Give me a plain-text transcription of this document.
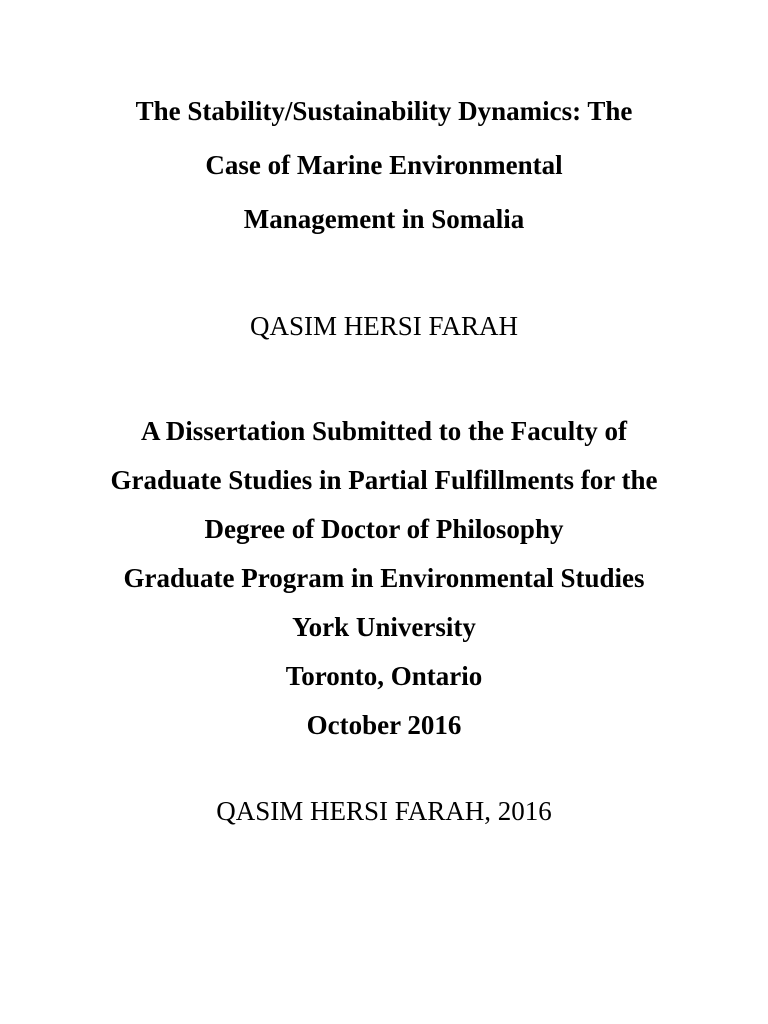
The Stability/Sustainability Dynamics: The
Case of Marine Environmental
Management in Somalia
QASIM HERSI FARAH
A Dissertation Submitted to the Faculty of
Graduate Studies in Partial Fulfillments for the
Degree of Doctor of Philosophy
Graduate Program in Environmental Studies
York University
Toronto, Ontario
October 2016
QASIM HERSI FARAH, 2016
